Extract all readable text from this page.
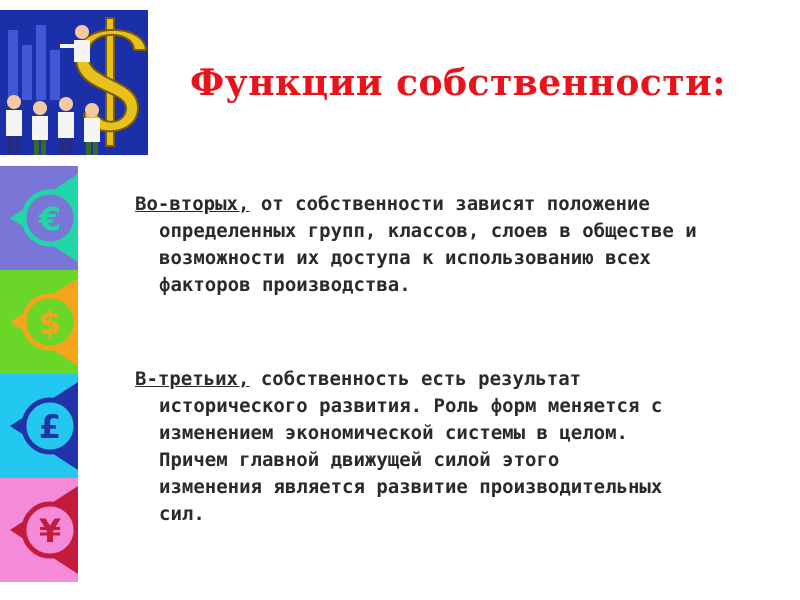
€
$
£
¥
Функции собственности:

Во-вторых, от собственности зависят положение
определенных групп, классов, слоев в обществе и
возможности их доступа к использованию всех
факторов производства.

В-третьих, собственность есть результат
исторического развития. Роль форм меняется с
изменением экономической системы в целом.
Причем главной движущей силой этого
изменения является развитие производительных
сил.
